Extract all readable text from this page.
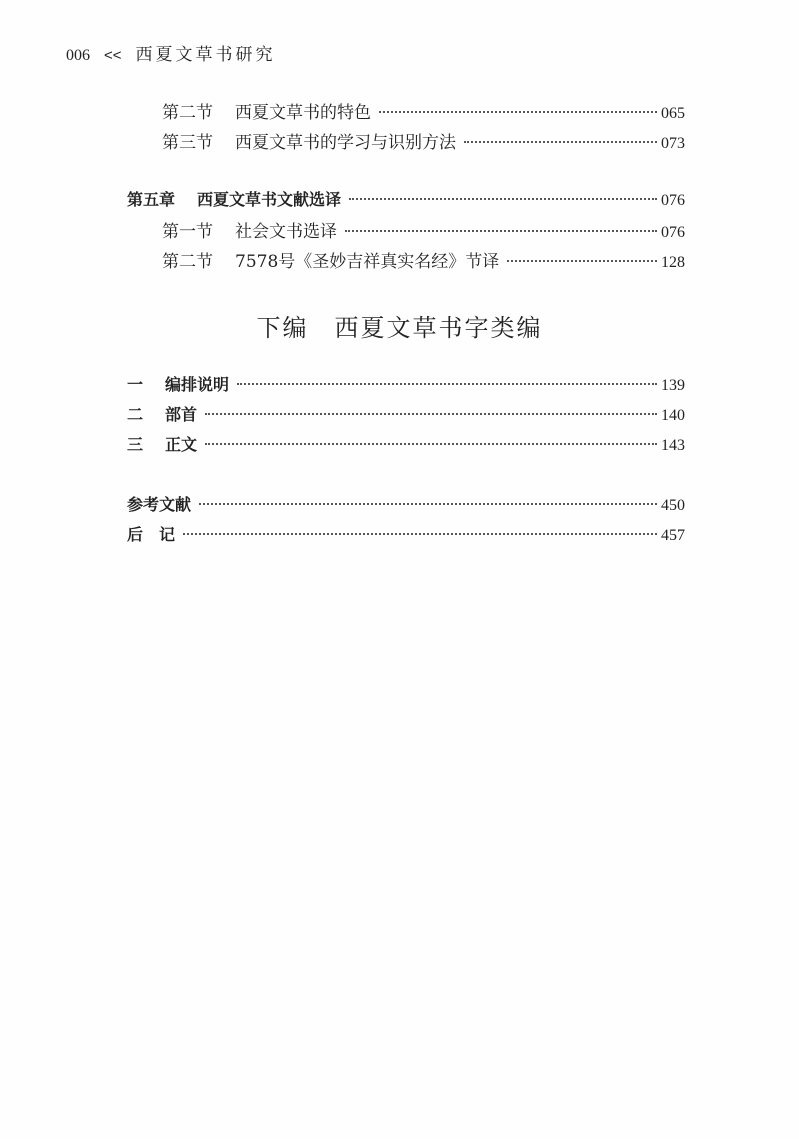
006 << 西夏文草书研究
第二节 西夏文草书的特色	065
第三节 西夏文草书的学习与识别方法	073
第五章 西夏文草书文献选译	076
第一节 社会文书选译	076
第二节 7578号《圣妙吉祥真实名经》节译	128
下编 西夏文草书字类编
一 编排说明	139
二 部首	140
三 正文	143
参考文献	450
后　记	457
